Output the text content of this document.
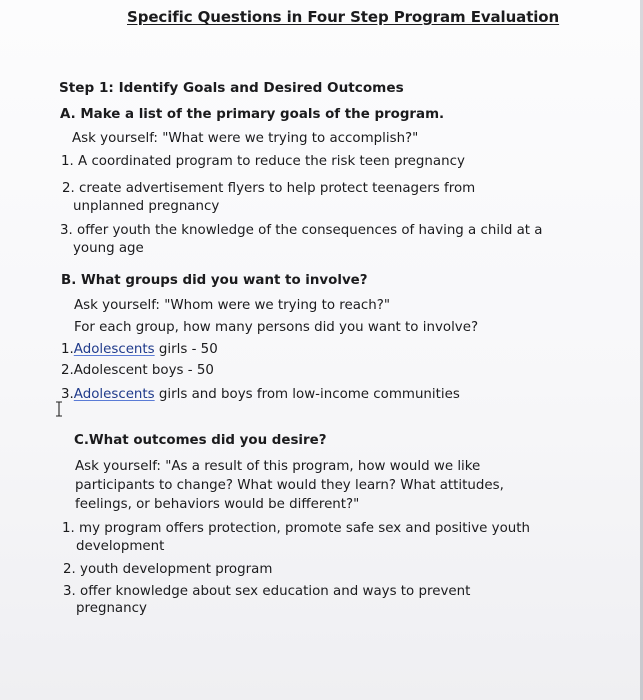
Specific Questions in Four Step Program Evaluation
Step 1: Identify Goals and Desired Outcomes
A. Make a list of the primary goals of the program.
Ask yourself: "What were we trying to accomplish?"
1. A coordinated program to reduce the risk teen pregnancy
2. create advertisement flyers to help protect teenagers from
unplanned pregnancy
3. offer youth the knowledge of the consequences of having a child at a
young age
B. What groups did you want to involve?
Ask yourself: "Whom were we trying to reach?"
For each group, how many persons did you want to involve?
1.Adolescents girls - 50
2.Adolescent boys - 50
3.Adolescents girls and boys from low-income communities
C.What outcomes did you desire?
Ask yourself: "As a result of this program, how would we like
participants to change? What would they learn? What attitudes,
feelings, or behaviors would be different?"
1. my program offers protection, promote safe sex and positive youth
development
2. youth development program
3. offer knowledge about sex education and ways to prevent
pregnancy
